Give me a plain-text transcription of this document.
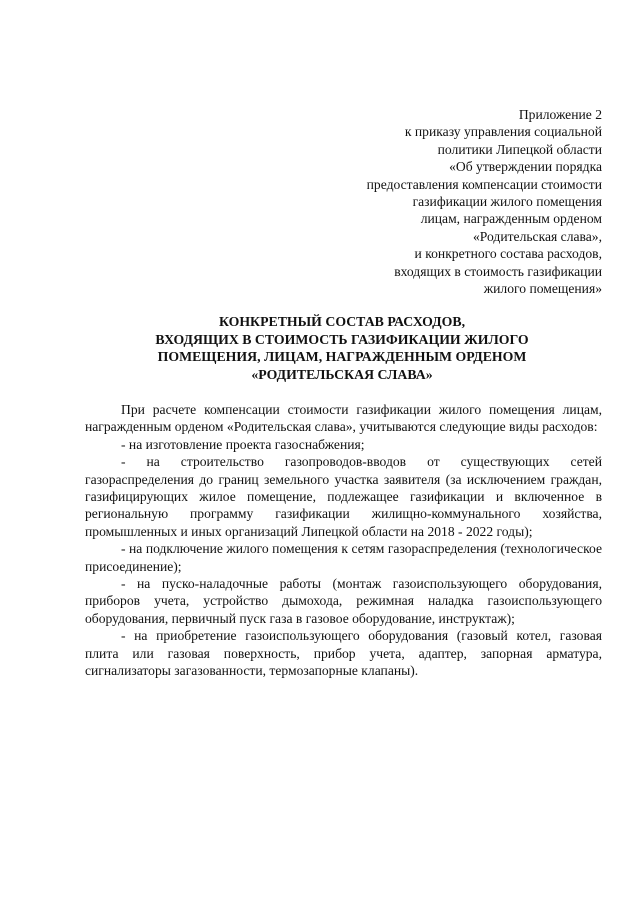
Приложение 2
к приказу управления социальной
политики Липецкой области
«Об утверждении порядка
предоставления компенсации стоимости
газификации жилого помещения
лицам, награжденным орденом
«Родительская слава»,
и конкретного состава расходов,
входящих в стоимость газификации
жилого помещения»
КОНКРЕТНЫЙ СОСТАВ РАСХОДОВ,
ВХОДЯЩИХ В СТОИМОСТЬ ГАЗИФИКАЦИИ ЖИЛОГО
ПОМЕЩЕНИЯ, ЛИЦАМ, НАГРАЖДЕННЫМ ОРДЕНОМ
«РОДИТЕЛЬСКАЯ СЛАВА»

При расчете компенсации стоимости газификации жилого помещения лицам, награжденным орденом «Родительская слава», учитываются следующие виды расходов:

- на изготовление проекта газоснабжения;

- на строительство газопроводов-вводов от существующих сетей газораспределения до границ земельного участка заявителя (за исключением граждан, газифицирующих жилое помещение, подлежащее газификации и включенное в региональную программу газификации жилищно-коммунального хозяйства, промышленных и иных организаций Липецкой области на 2018 - 2022 годы);

- на подключение жилого помещения к сетям газораспределения (технологическое присоединение);

- на пуско-наладочные работы (монтаж газоиспользующего оборудования, приборов учета, устройство дымохода, режимная наладка газоиспользующего оборудования, первичный пуск газа в газовое оборудование, инструктаж);

- на приобретение газоиспользующего оборудования (газовый котел, газовая плита или газовая поверхность, прибор учета, адаптер, запорная арматура, сигнализаторы загазованности, термозапорные клапаны).
